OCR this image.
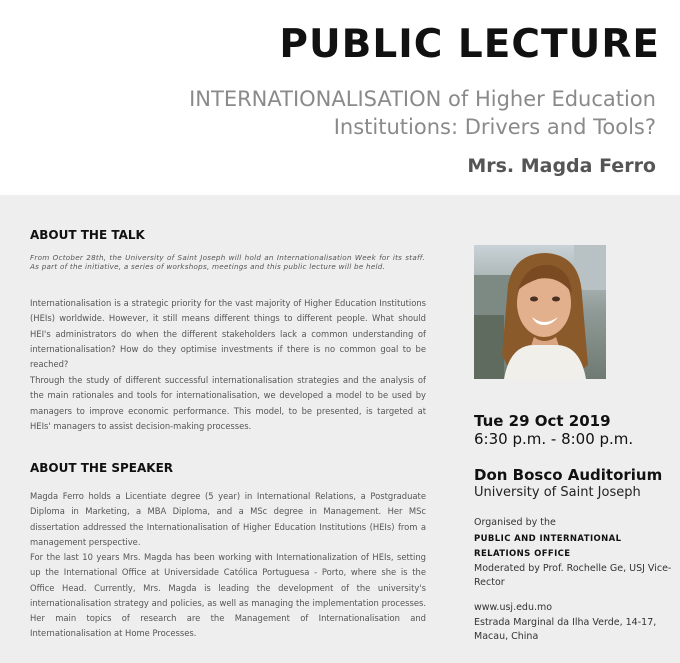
PUBLIC LECTURE
INTERNATIONALISATION of Higher Education Institutions: Drivers and Tools?
Mrs. Magda Ferro
ABOUT THE TALK
From October 28th, the University of Saint Joseph will hold an Internationalisation Week for its staff. As part of the initiative, a series of workshops, meetings and this public lecture will be held.
Internationalisation is a strategic priority for the vast majority of Higher Education Institutions (HEIs) worldwide. However, it still means different things to different people. What should HEI's administrators do when the different stakeholders lack a common understanding of internationalisation? How do they optimise investments if there is no common goal to be reached?
Through the study of different successful internationalisation strategies and the analysis of the main rationales and tools for internationalisation, we developed a model to be used by managers to improve economic performance. This model, to be presented, is targeted at HEIs' managers to assist decision-making processes.
ABOUT THE SPEAKER
Magda Ferro holds a Licentiate degree (5 year) in International Relations, a Postgraduate Diploma in Marketing, a MBA Diploma, and a MSc degree in Management. Her MSc dissertation addressed the Internationalisation of Higher Education Institutions (HEIs) from a management perspective.
For the last 10 years Mrs. Magda has been working with Internationalization of HEIs, setting up the International Office at Universidade Católica Portuguesa - Porto, where she is the Office Head. Currently, Mrs. Magda is leading the development of the university's internationalisation strategy and policies, as well as managing the implementation processes. Her main topics of research are the Management of Internationalisation and Internationalisation at Home Processes.
Tue 29 Oct 2019
6:30 p.m. - 8:00 p.m.
Don Bosco Auditorium
University of Saint Joseph
Organised by the
PUBLIC AND INTERNATIONAL RELATIONS OFFICE
Moderated by Prof. Rochelle Ge, USJ Vice-Rector
www.usj.edu.mo
Estrada Marginal da Ilha Verde, 14-17, Macau, China
